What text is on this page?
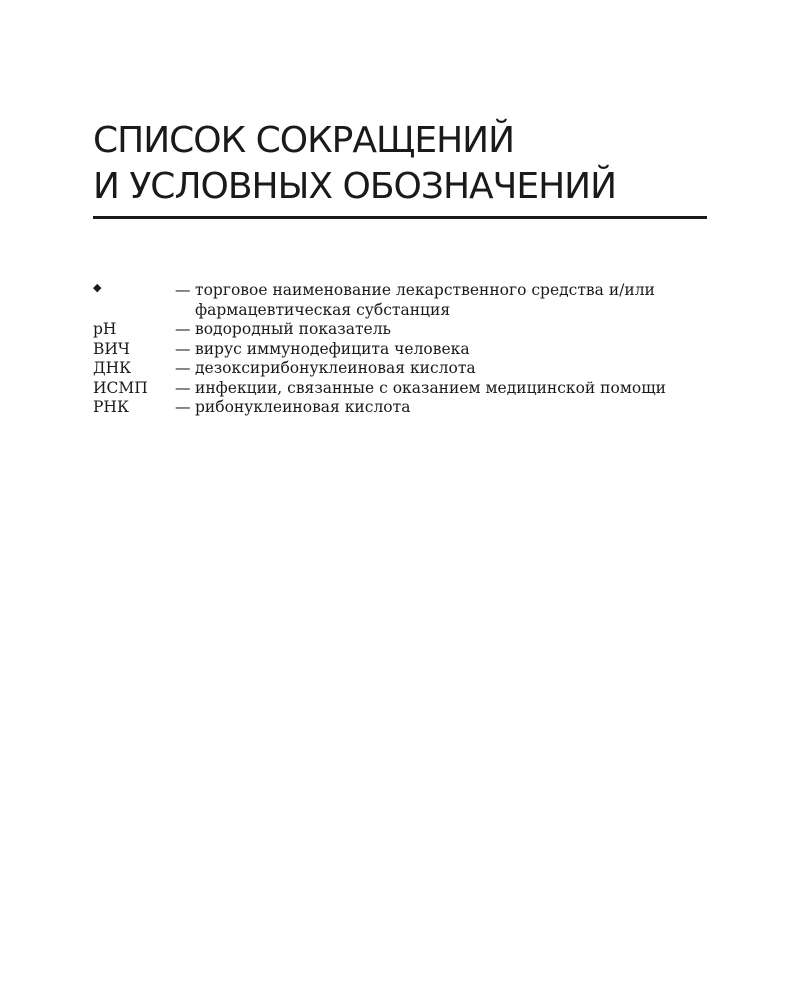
СПИСОК СОКРАЩЕНИЙ
И УСЛОВНЫХ ОБОЗНАЧЕНИЙ
◆	— торговое наименование лекарственного средства и/или фармацевтическая субстанция
рН	— водородный показатель
ВИЧ	— вирус иммунодефицита человека
ДНК	— дезоксирибонуклеиновая кислота
ИСМП	— инфекции, связанные с оказанием медицинской помощи
РНК	— рибонуклеиновая кислота
